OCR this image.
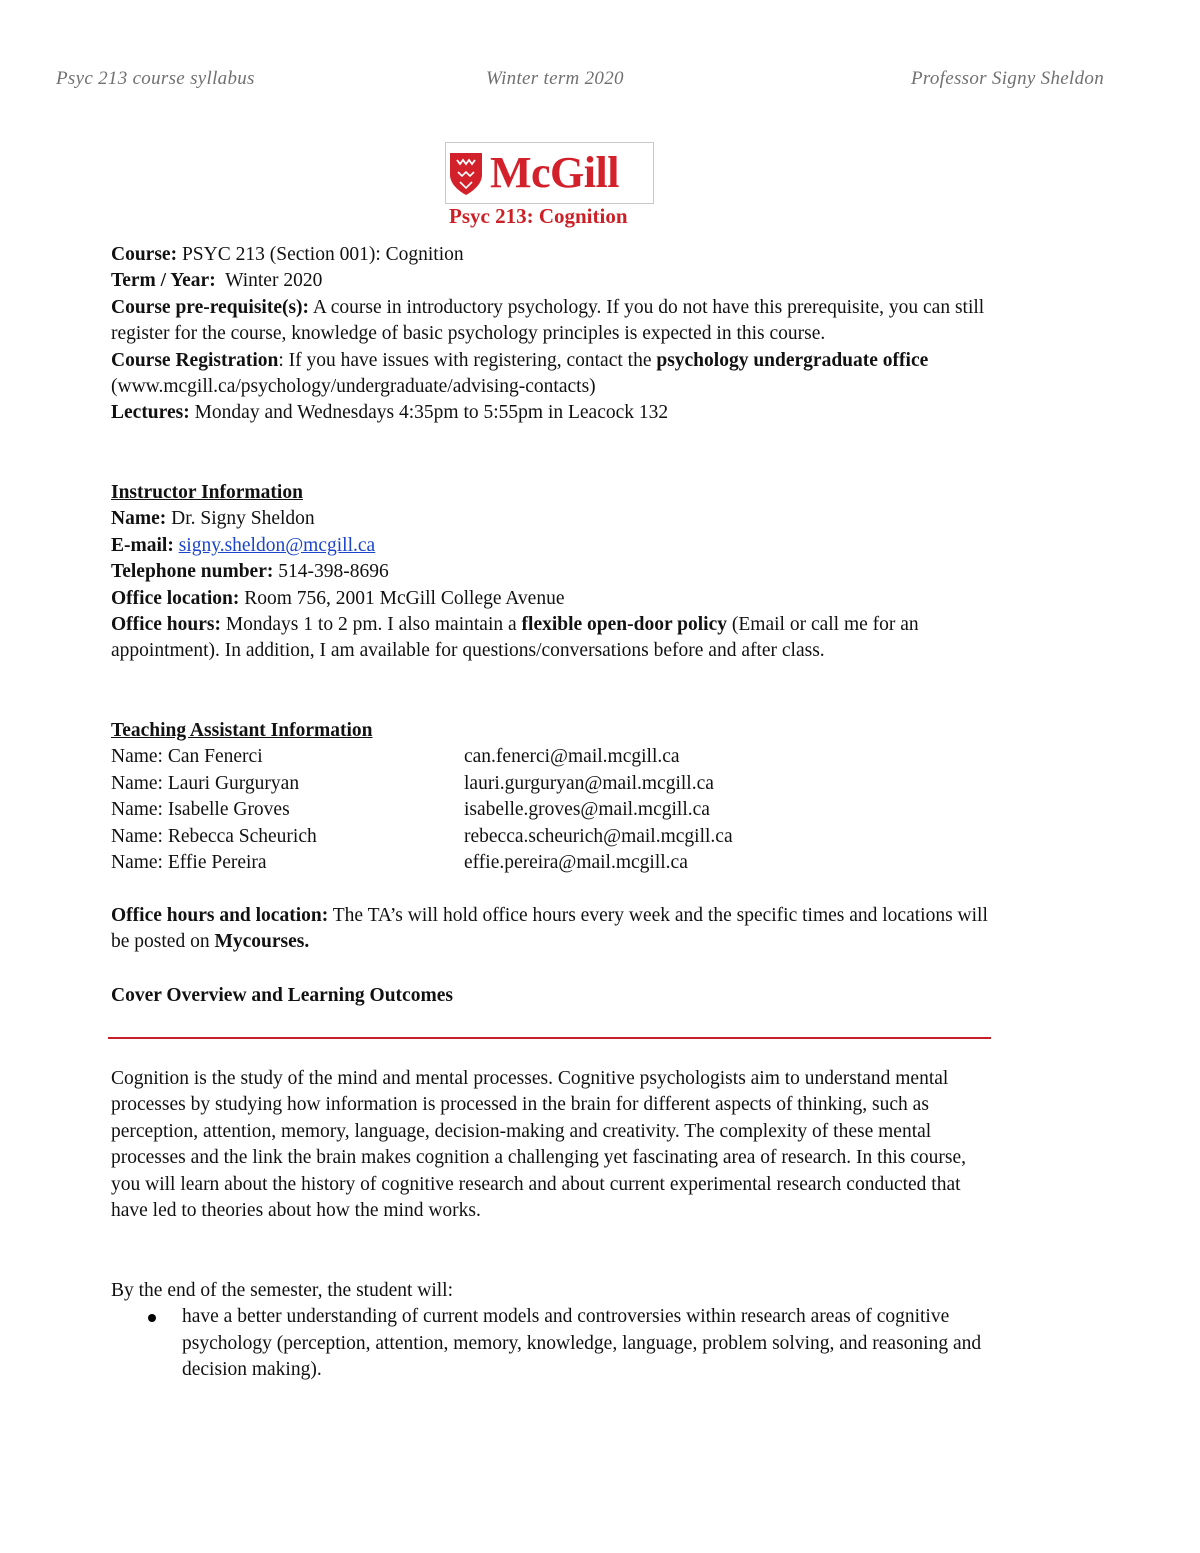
Psyc 213 course syllabus	Winter term 2020	Professor Signy Sheldon
McGill
Psyc 213: Cognition

Course: PSYC 213 (Section 001): Cognition

Term / Year:  Winter 2020

Course pre-requisite(s): A course in introductory psychology. If you do not have this prerequisite, you can still register for the course, knowledge of basic psychology principles is expected in this course.

Course Registration: If you have issues with registering, contact the psychology undergraduate office (www.mcgill.ca/psychology/undergraduate/advising-contacts)

Lectures: Monday and Wednesdays 4:35pm to 5:55pm in Leacock 132

Instructor Information

Name: Dr. Signy Sheldon

E-mail: signy.sheldon@mcgill.ca

Telephone number: 514-398-8696

Office location: Room 756, 2001 McGill College Avenue

Office hours: Mondays 1 to 2 pm. I also maintain a flexible open-door policy (Email or call me for an appointment). In addition, I am available for questions/conversations before and after class.

Teaching Assistant Information

Name: Can Fenerci	can.fenerci@mail.mcgill.ca
Name: Lauri Gurguryan	lauri.gurguryan@mail.mcgill.ca
Name: Isabelle Groves	isabelle.groves@mail.mcgill.ca
Name: Rebecca Scheurich	rebecca.scheurich@mail.mcgill.ca
Name: Effie Pereira	effie.pereira@mail.mcgill.ca

Office hours and location: The TA’s will hold office hours every week and the specific times and locations will be posted on Mycourses.

Cover Overview and Learning Outcomes

Cognition is the study of the mind and mental processes. Cognitive psychologists aim to understand mental processes by studying how information is processed in the brain for different aspects of thinking, such as perception, attention, memory, language, decision-making and creativity. The complexity of these mental processes and the link the brain makes cognition a challenging yet fascinating area of research. In this course, you will learn about the history of cognitive research and about current experimental research conducted that have led to theories about how the mind works.

By the end of the semester, the student will:

have a better understanding of current models and controversies within research areas of cognitive psychology (perception, attention, memory, knowledge, language, problem solving, and reasoning and decision making).
